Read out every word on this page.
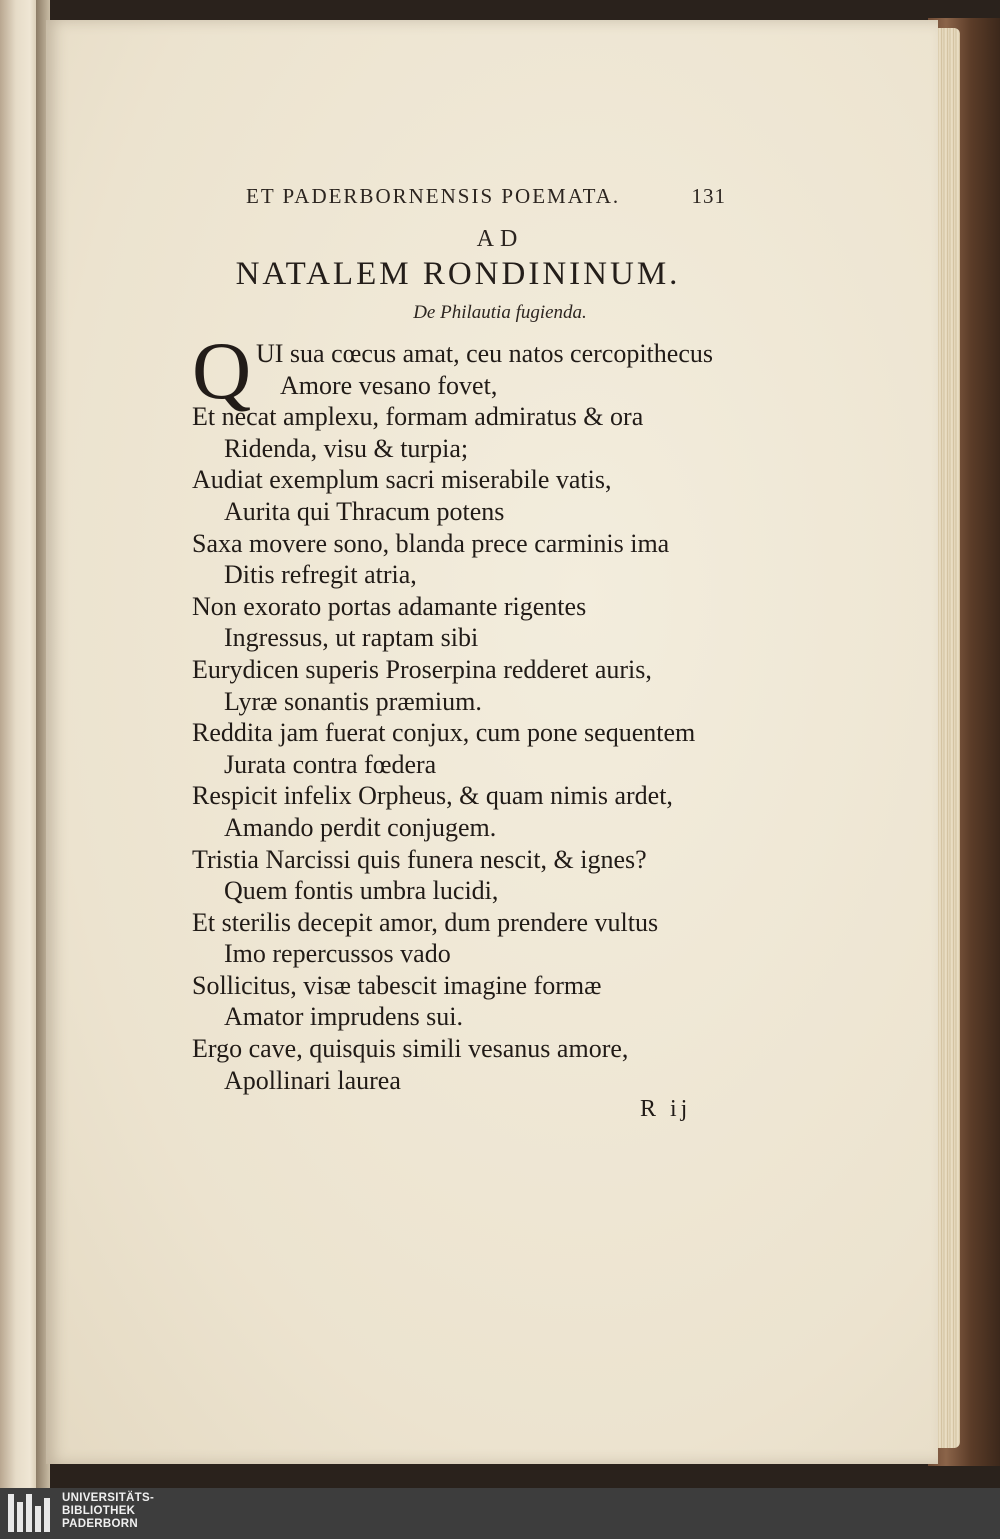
ET PADERBORNENSIS POEMATA.	131
AD
NATALEM RONDININUM.
De Philautia fugienda.
Q UI sua cœcus amat, ceu natos cercopithecus
Amore vesano fovet,
Et necat amplexu, formam admiratus & ora
Ridenda, visu & turpia;
Audiat exemplum sacri miserabile vatis,
Aurita qui Thracum potens
Saxa movere sono, blanda prece carminis ima
Ditis refregit atria,
Non exorato portas adamante rigentes
Ingressus, ut raptam sibi
Eurydicen superis Proserpina redderet auris,
Lyræ sonantis præmium.
Reddita jam fuerat conjux, cum pone sequentem
Jurata contra fœdera
Respicit infelix Orpheus, & quam nimis ardet,
Amando perdit conjugem.
Tristia Narcissi quis funera nescit, & ignes?
Quem fontis umbra lucidi,
Et sterilis decepit amor, dum prendere vultus
Imo repercussos vado
Sollicitus, visæ tabescit imagine formæ
Amator imprudens sui.
Ergo cave, quisquis simili vesanus amore,
Apollinari laurea
R ij
UNIVERSITÄTS-
BIBLIOTHEK
PADERBORN
